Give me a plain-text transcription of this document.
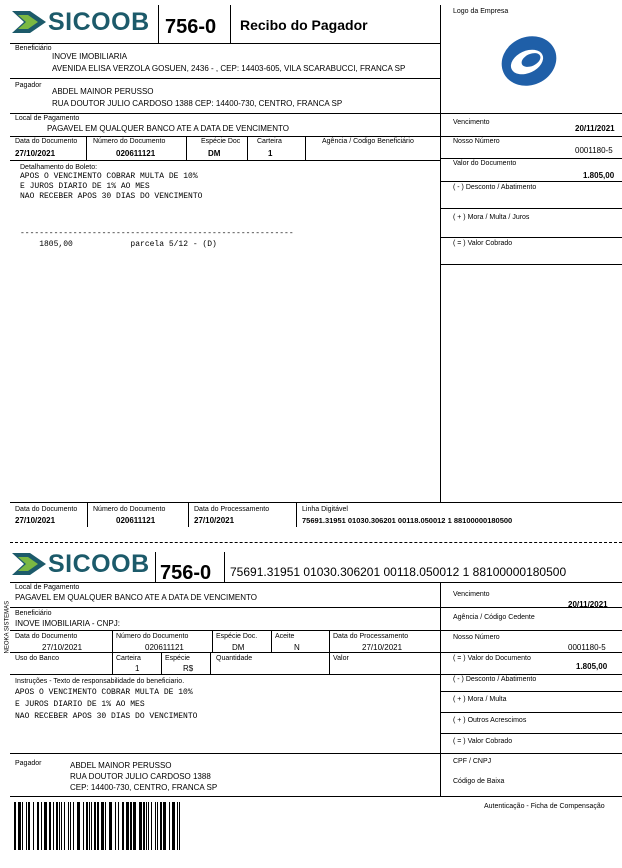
SICOOB 756-0 Recibo do Pagador
Logo da Empresa
Beneficiário
INOVE IMOBILIARIA
AVENIDA ELISA VERZOLA GOSUEN, 2436 - , CEP: 14403-605, VILA SCARABUCCI, FRANCA SP
Pagador
ABDEL MAINOR PERUSSO
RUA DOUTOR JULIO CARDOSO 1388 CEP: 14400-730, CENTRO, FRANCA SP
Local de Pagamento
PAGAVEL EM QUALQUER BANCO ATE A DATA DE VENCIMENTO
Vencimento
20/11/2021
Data do Documento
27/10/2021
Número do Documento
020611121
Espécie Doc
DM
Carteira
1
Agência / Codigo Beneficiário	Nosso Número
0001180-5
Detalhamento do Boleto:
APOS O VENCIMENTO COBRAR MULTA DE 10%
E JUROS DIARIO DE 1% AO MES
NAO RECEBER APOS 30 DIAS DO VENCIMENTO
---------------------------------------------------------
1805,00            parcela 5/12 - (D)
Valor do Documento
1.805,00
( - ) Desconto / Abatimento
( + ) Mora / Multa / Juros
( = ) Valor Cobrado
Data do Documento
27/10/2021
Número do Documento
020611121
Data do Processamento
27/10/2021
Linha Digitável
75691.31951 01030.306201 00118.050012 1 88100000180500
SICOOB 756-0 75691.31951 01030.306201 00118.050012 1 88100000180500
NEOKA SISTEMAS
Local de Pagamento
PAGAVEL EM QUALQUER BANCO ATE A DATA DE VENCIMENTO	Vencimento
20/11/2021
Beneficiário
INOVE IMOBILIARIA - CNPJ:
Agência / Código Cedente
Data do Documento
27/10/2021
Número do Documento
020611121
Espécie Doc.
DM
Aceite
N
Data do Processamento
27/10/2021
Nosso Número
0001180-5
Uso do Banco	Carteira
1
Espécie
R$
Quantidade	Valor	( = ) Valor do Documento
1.805,00
Instruções - Texto de responsabilidade do beneficiario.
APOS O VENCIMENTO COBRAR MULTA DE 10%
E JUROS DIARIO DE 1% AO MES
NAO RECEBER APOS 30 DIAS DO VENCIMENTO
( - ) Desconto / Abatimento
( + ) Mora / Multa
( + ) Outros Acrescimos
( = ) Valor Cobrado
Pagador	ABDEL MAINOR PERUSSO
RUA DOUTOR JULIO CARDOSO 1388
CEP: 14400-730, CENTRO, FRANCA SP
CPF / CNPJ
Código de Baixa
Autenticação - Ficha de Compensação
